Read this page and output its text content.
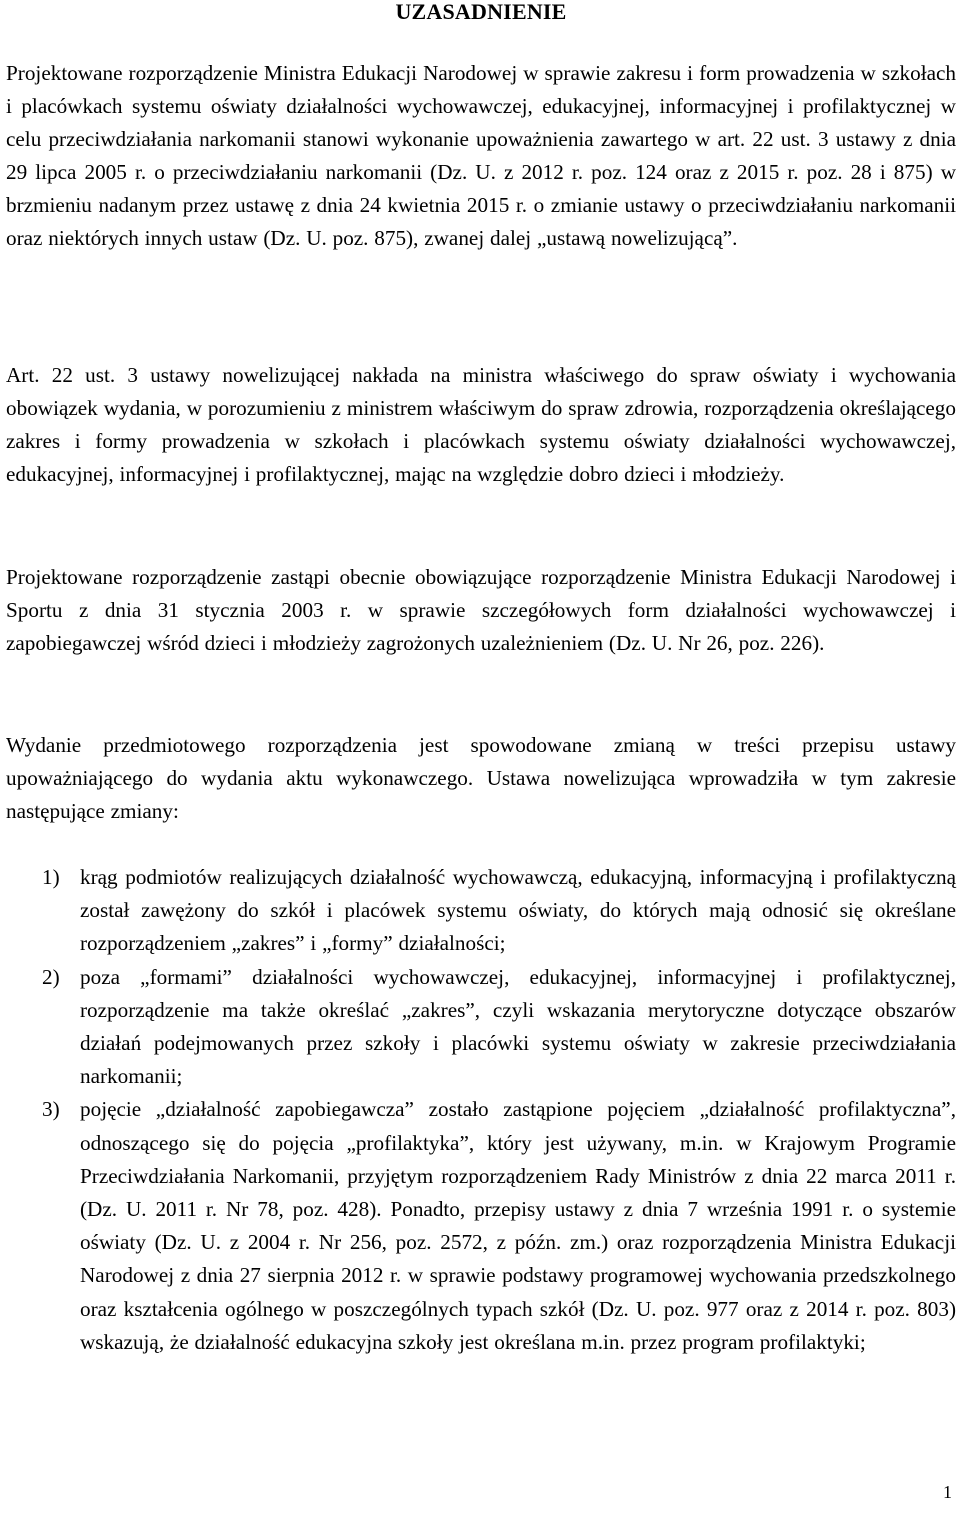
UZASADNIENIE

Projektowane rozporządzenie Ministra Edukacji Narodowej w sprawie zakresu i form prowadzenia w szkołach i placówkach systemu oświaty działalności wychowawczej, edukacyjnej, informacyjnej i profilaktycznej w celu przeciwdziałania narkomanii stanowi wykonanie upoważnienia zawartego w art. 22 ust. 3 ustawy z dnia 29 lipca 2005 r. o przeciwdziałaniu narkomanii (Dz. U. z 2012 r. poz. 124 oraz z 2015 r. poz. 28 i 875) w brzmieniu nadanym przez ustawę z dnia 24 kwietnia 2015 r. o zmianie ustawy o przeciwdziałaniu narkomanii oraz niektórych innych ustaw (Dz. U. poz. 875), zwanej dalej „ustawą nowelizującą”.

Art. 22 ust. 3 ustawy nowelizującej nakłada na ministra właściwego do spraw oświaty i wychowania obowiązek wydania, w porozumieniu z ministrem właściwym do spraw zdrowia, rozporządzenia określającego zakres i formy prowadzenia w szkołach i placówkach systemu oświaty działalności wychowawczej, edukacyjnej, informacyjnej i profilaktycznej, mając na względzie dobro dzieci i młodzieży.

Projektowane rozporządzenie zastąpi obecnie obowiązujące rozporządzenie Ministra Edukacji Narodowej i Sportu z dnia 31 stycznia 2003 r. w sprawie szczegółowych form działalności wychowawczej i zapobiegawczej wśród dzieci i młodzieży zagrożonych uzależnieniem (Dz. U. Nr 26, poz. 226).

Wydanie przedmiotowego rozporządzenia jest spowodowane zmianą w treści przepisu ustawy upoważniającego do wydania aktu wykonawczego. Ustawa nowelizująca wprowadziła w tym zakresie następujące zmiany:

1) krąg podmiotów realizujących działalność wychowawczą, edukacyjną, informacyjną i profilaktyczną został zawężony do szkół i placówek systemu oświaty, do których mają odnosić się określane rozporządzeniem „zakres” i „formy” działalności;
2) poza „formami” działalności wychowawczej, edukacyjnej, informacyjnej i profilaktycznej, rozporządzenie ma także określać „zakres”, czyli wskazania merytoryczne dotyczące obszarów działań podejmowanych przez szkoły i placówki systemu oświaty w zakresie przeciwdziałania narkomanii;
3) pojęcie „działalność zapobiegawcza” zostało zastąpione pojęciem „działalność profilaktyczna”, odnoszącego się do pojęcia „profilaktyka”, który jest używany, m.in. w Krajowym Programie Przeciwdziałania Narkomanii, przyjętym rozporządzeniem Rady Ministrów z dnia 22 marca 2011 r. (Dz. U. 2011 r. Nr 78, poz. 428). Ponadto, przepisy ustawy z dnia 7 września 1991 r. o systemie oświaty (Dz. U. z 2004 r. Nr 256, poz. 2572, z późn. zm.) oraz rozporządzenia Ministra Edukacji Narodowej z dnia 27 sierpnia 2012 r. w sprawie podstawy programowej wychowania przedszkolnego oraz kształcenia ogólnego w poszczególnych typach szkół (Dz. U. poz. 977 oraz z 2014 r. poz. 803) wskazują, że działalność edukacyjna szkoły jest określana m.in. przez program profilaktyki;
1
